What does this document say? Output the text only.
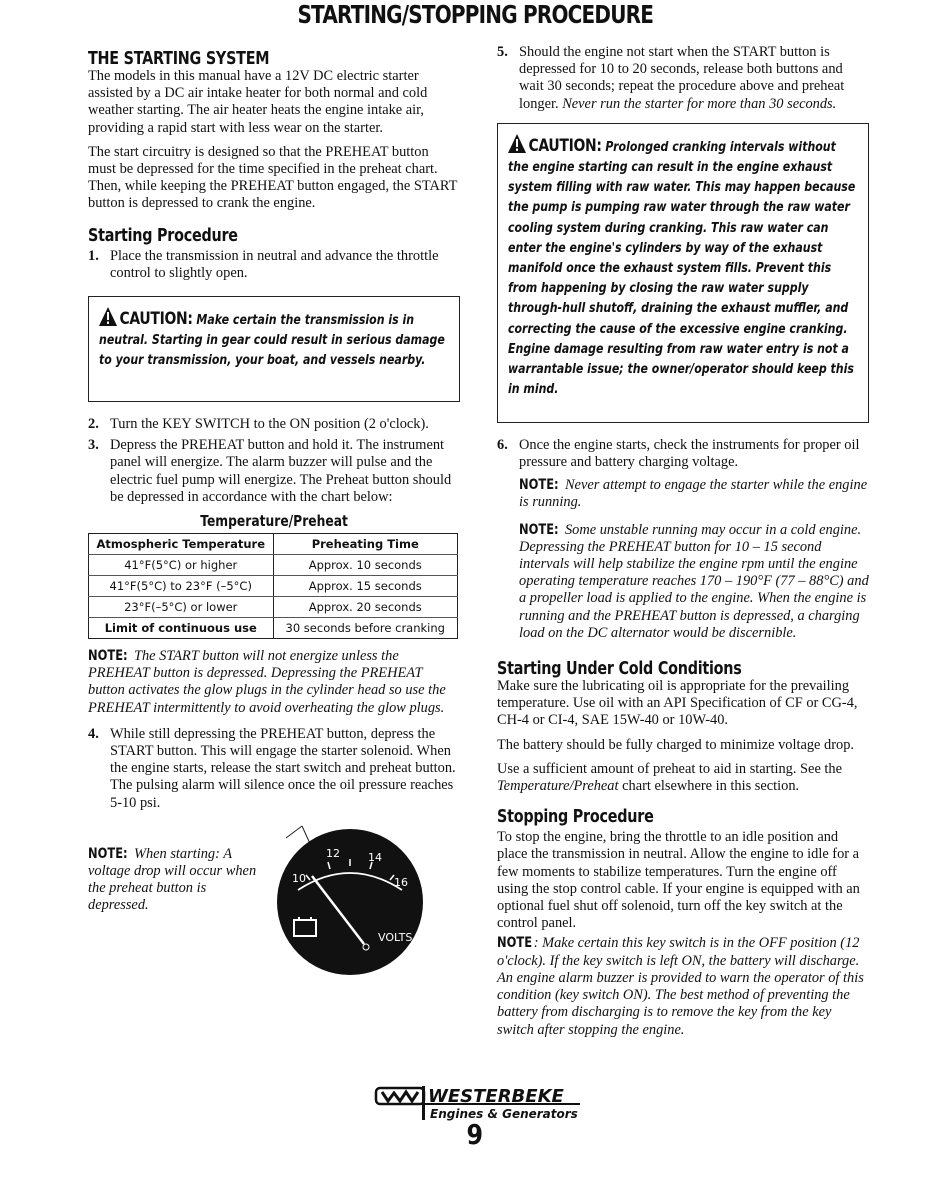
STARTING/STOPPING PROCEDURE
THE STARTING SYSTEM

The models in this manual have a 12V DC electric starter assisted by a DC air intake heater for both normal and cold weather starting. The air heater heats the engine intake air, providing a rapid start with less wear on the starter.

The start circuitry is designed so that the PREHEAT button must be depressed for the time specified in the preheat chart. Then, while keeping the PREHEAT button engaged, the START button is depressed to crank the engine.

Starting Procedure
1. Place the transmission in neutral and advance the throttle control to slightly open.
CAUTION: Make certain the transmission is in neutral. Starting in gear could result in serious damage to your transmission, your boat, and vessels nearby.
2. Turn the KEY SWITCH to the ON position (2 o'clock).
3. Depress the PREHEAT button and hold it. The instrument panel will energize. The alarm buzzer will pulse and the electric fuel pump will energize. The Preheat button should be depressed in accordance with the chart below:
Temperature/Preheat
Atmospheric Temperature	Preheating Time
41°F(5°C) or higher	Approx. 10 seconds
41°F(5°C) to 23°F (–5°C)	Approx. 15 seconds
23°F(–5°C) or lower	Approx. 20 seconds
Limit of continuous use	30 seconds before cranking

NOTE: The START button will not energize unless the PREHEAT button is depressed. Depressing the PREHEAT button activates the glow plugs in the cylinder head so use the PREHEAT intermittently to avoid overheating the glow plugs.

4. While still depressing the PREHEAT button, depress the START button. This will engage the starter solenoid. When the engine starts, release the start switch and preheat button. The pulsing alarm will silence once the oil pressure reaches 5-10 psi.

NOTE: When starting: A voltage drop will occur when the preheat button is depressed.

12	14
10	16
VOLTS
5. Should the engine not start when the START button is depressed for 10 to 20 seconds, release both buttons and wait 30 seconds; repeat the procedure above and preheat longer. Never run the starter for more than 30 seconds.
CAUTION: Prolonged cranking intervals without the engine starting can result in the engine exhaust system filling with raw water. This may happen because the pump is pumping raw water through the raw water cooling system during cranking. This raw water can enter the engine's cylinders by way of the exhaust manifold once the exhaust system fills. Prevent this from happening by closing the raw water supply through-hull shutoff, draining the exhaust muffler, and correcting the cause of the excessive engine cranking. Engine damage resulting from raw water entry is not a warrantable issue; the owner/operator should keep this in mind.
6. Once the engine starts, check the instruments for proper oil pressure and battery charging voltage.

NOTE: Never attempt to engage the starter while the engine is running.

NOTE: Some unstable running may occur in a cold engine. Depressing the PREHEAT button for 10 – 15 second intervals will help stabilize the engine rpm until the engine operating temperature reaches 170 – 190°F (77 – 88°C) and a propeller load is applied to the engine. When the engine is running and the PREHEAT button is depressed, a charging load on the DC alternator would be discernible.

Starting Under Cold Conditions

Make sure the lubricating oil is appropriate for the prevailing temperature. Use oil with an API Specification of CF or CG-4, CH-4 or CI-4, SAE 15W-40 or 10W-40.

The battery should be fully charged to minimize voltage drop.

Use a sufficient amount of preheat to aid in starting. See the Temperature/Preheat chart elsewhere in this section.

Stopping Procedure

To stop the engine, bring the throttle to an idle position and place the transmission in neutral. Allow the engine to idle for a few moments to stabilize temperatures. Turn the engine off using the stop control cable. If your engine is equipped with an optional fuel shut off solenoid, turn off the key switch at the control panel.

NOTE : Make certain this key switch is in the OFF position (12 o'clock). If the key switch is left ON, the battery will discharge. An engine alarm buzzer is provided to warn the operator of this condition (key switch ON). The best method of preventing the battery from discharging is to remove the key from the key switch after stopping the engine.

WESTERBEKE
Engines & Generators
9
